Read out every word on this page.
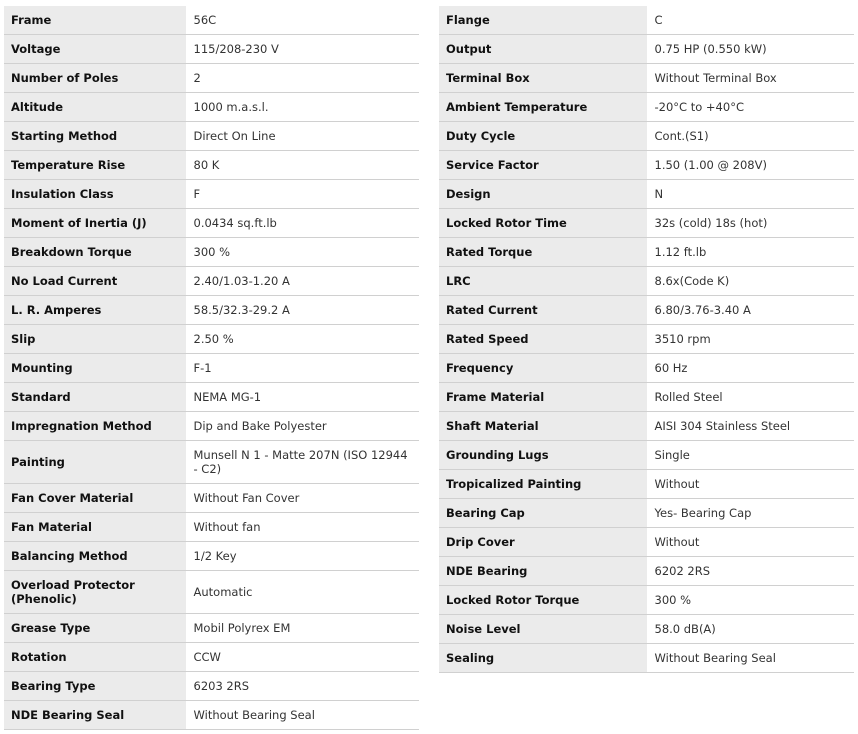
Frame	56C
Voltage	115/208-230 V
Number of Poles	2
Altitude	1000 m.a.s.l.
Starting Method	Direct On Line
Temperature Rise	80 K
Insulation Class	F
Moment of Inertia (J)	0.0434 sq.ft.lb
Breakdown Torque	300 %
No Load Current	2.40/1.03-1.20 A
L. R. Amperes	58.5/32.3-29.2 A
Slip	2.50 %
Mounting	F-1
Standard	NEMA MG-1
Impregnation Method	Dip and Bake Polyester
Painting	Munsell N 1 - Matte 207N (ISO 12944 - C2)
Fan Cover Material	Without Fan Cover
Fan Material	Without fan
Balancing Method	1/2 Key
Overload Protector (Phenolic)	Automatic
Grease Type	Mobil Polyrex EM
Rotation	CCW
Bearing Type	6203 2RS
NDE Bearing Seal	Without Bearing Seal
Flange	C
Output	0.75 HP (0.550 kW)
Terminal Box	Without Terminal Box
Ambient Temperature	-20°C to +40°C
Duty Cycle	Cont.(S1)
Service Factor	1.50 (1.00 @ 208V)
Design	N
Locked Rotor Time	32s (cold) 18s (hot)
Rated Torque	1.12 ft.lb
LRC	8.6x(Code K)
Rated Current	6.80/3.76-3.40 A
Rated Speed	3510 rpm
Frequency	60 Hz
Frame Material	Rolled Steel
Shaft Material	AISI 304 Stainless Steel
Grounding Lugs	Single
Tropicalized Painting	Without
Bearing Cap	Yes- Bearing Cap
Drip Cover	Without
NDE Bearing	6202 2RS
Locked Rotor Torque	300 %
Noise Level	58.0 dB(A)
Sealing	Without Bearing Seal
